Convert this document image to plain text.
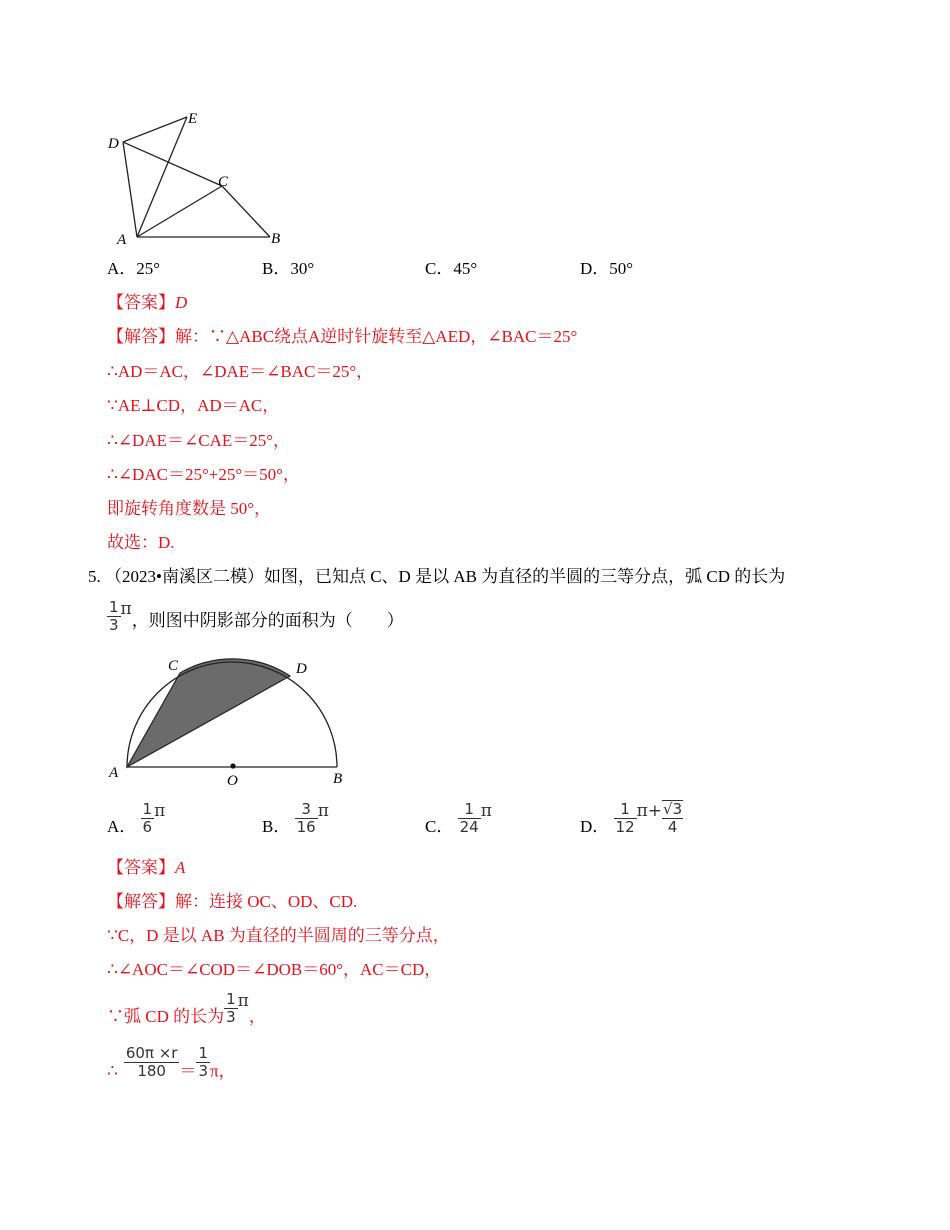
D
E
C
A	B
A．25°	B．30°	C．45°	D．50°
【答案】D
【解答】解：∵△ABC绕点A逆时针旋转至△AED，∠BAC＝25°
∴AD＝AC，∠DAE＝∠BAC＝25°，
∵AE⊥CD，AD＝AC，
∴∠DAE＝∠CAE＝25°，
∴∠DAC＝25°+25°＝50°，
即旋转角度数是 50°，
故选：D.
5. （2023•南溪区二模）如图，已知点 C、D 是以 AB 为直径的半圆的三等分点，弧 CD 的长为
$\frac{1}{3}$ π，则图中阴影部分的面积为（　　）
C	D
A	O	B
A． $\frac{1}{6}$ π
B． $\frac{3}{16}$ π
C． $\frac{1}{24}$ π
D． $\frac{1}{12} \pi+ \frac{√3}{4}$
【答案】A
【解答】解：连接 OC、OD、CD.
∵C，D 是以 AB 为直径的半圆周的三等分点，
∴∠AOC＝∠COD＝∠DOB＝60°，AC＝CD，
∵弧 CD 的长为 $\frac{1}{3}$ π，
∴ $\frac{60\pi \times r}{180} = \frac{1}{3}$ π，
